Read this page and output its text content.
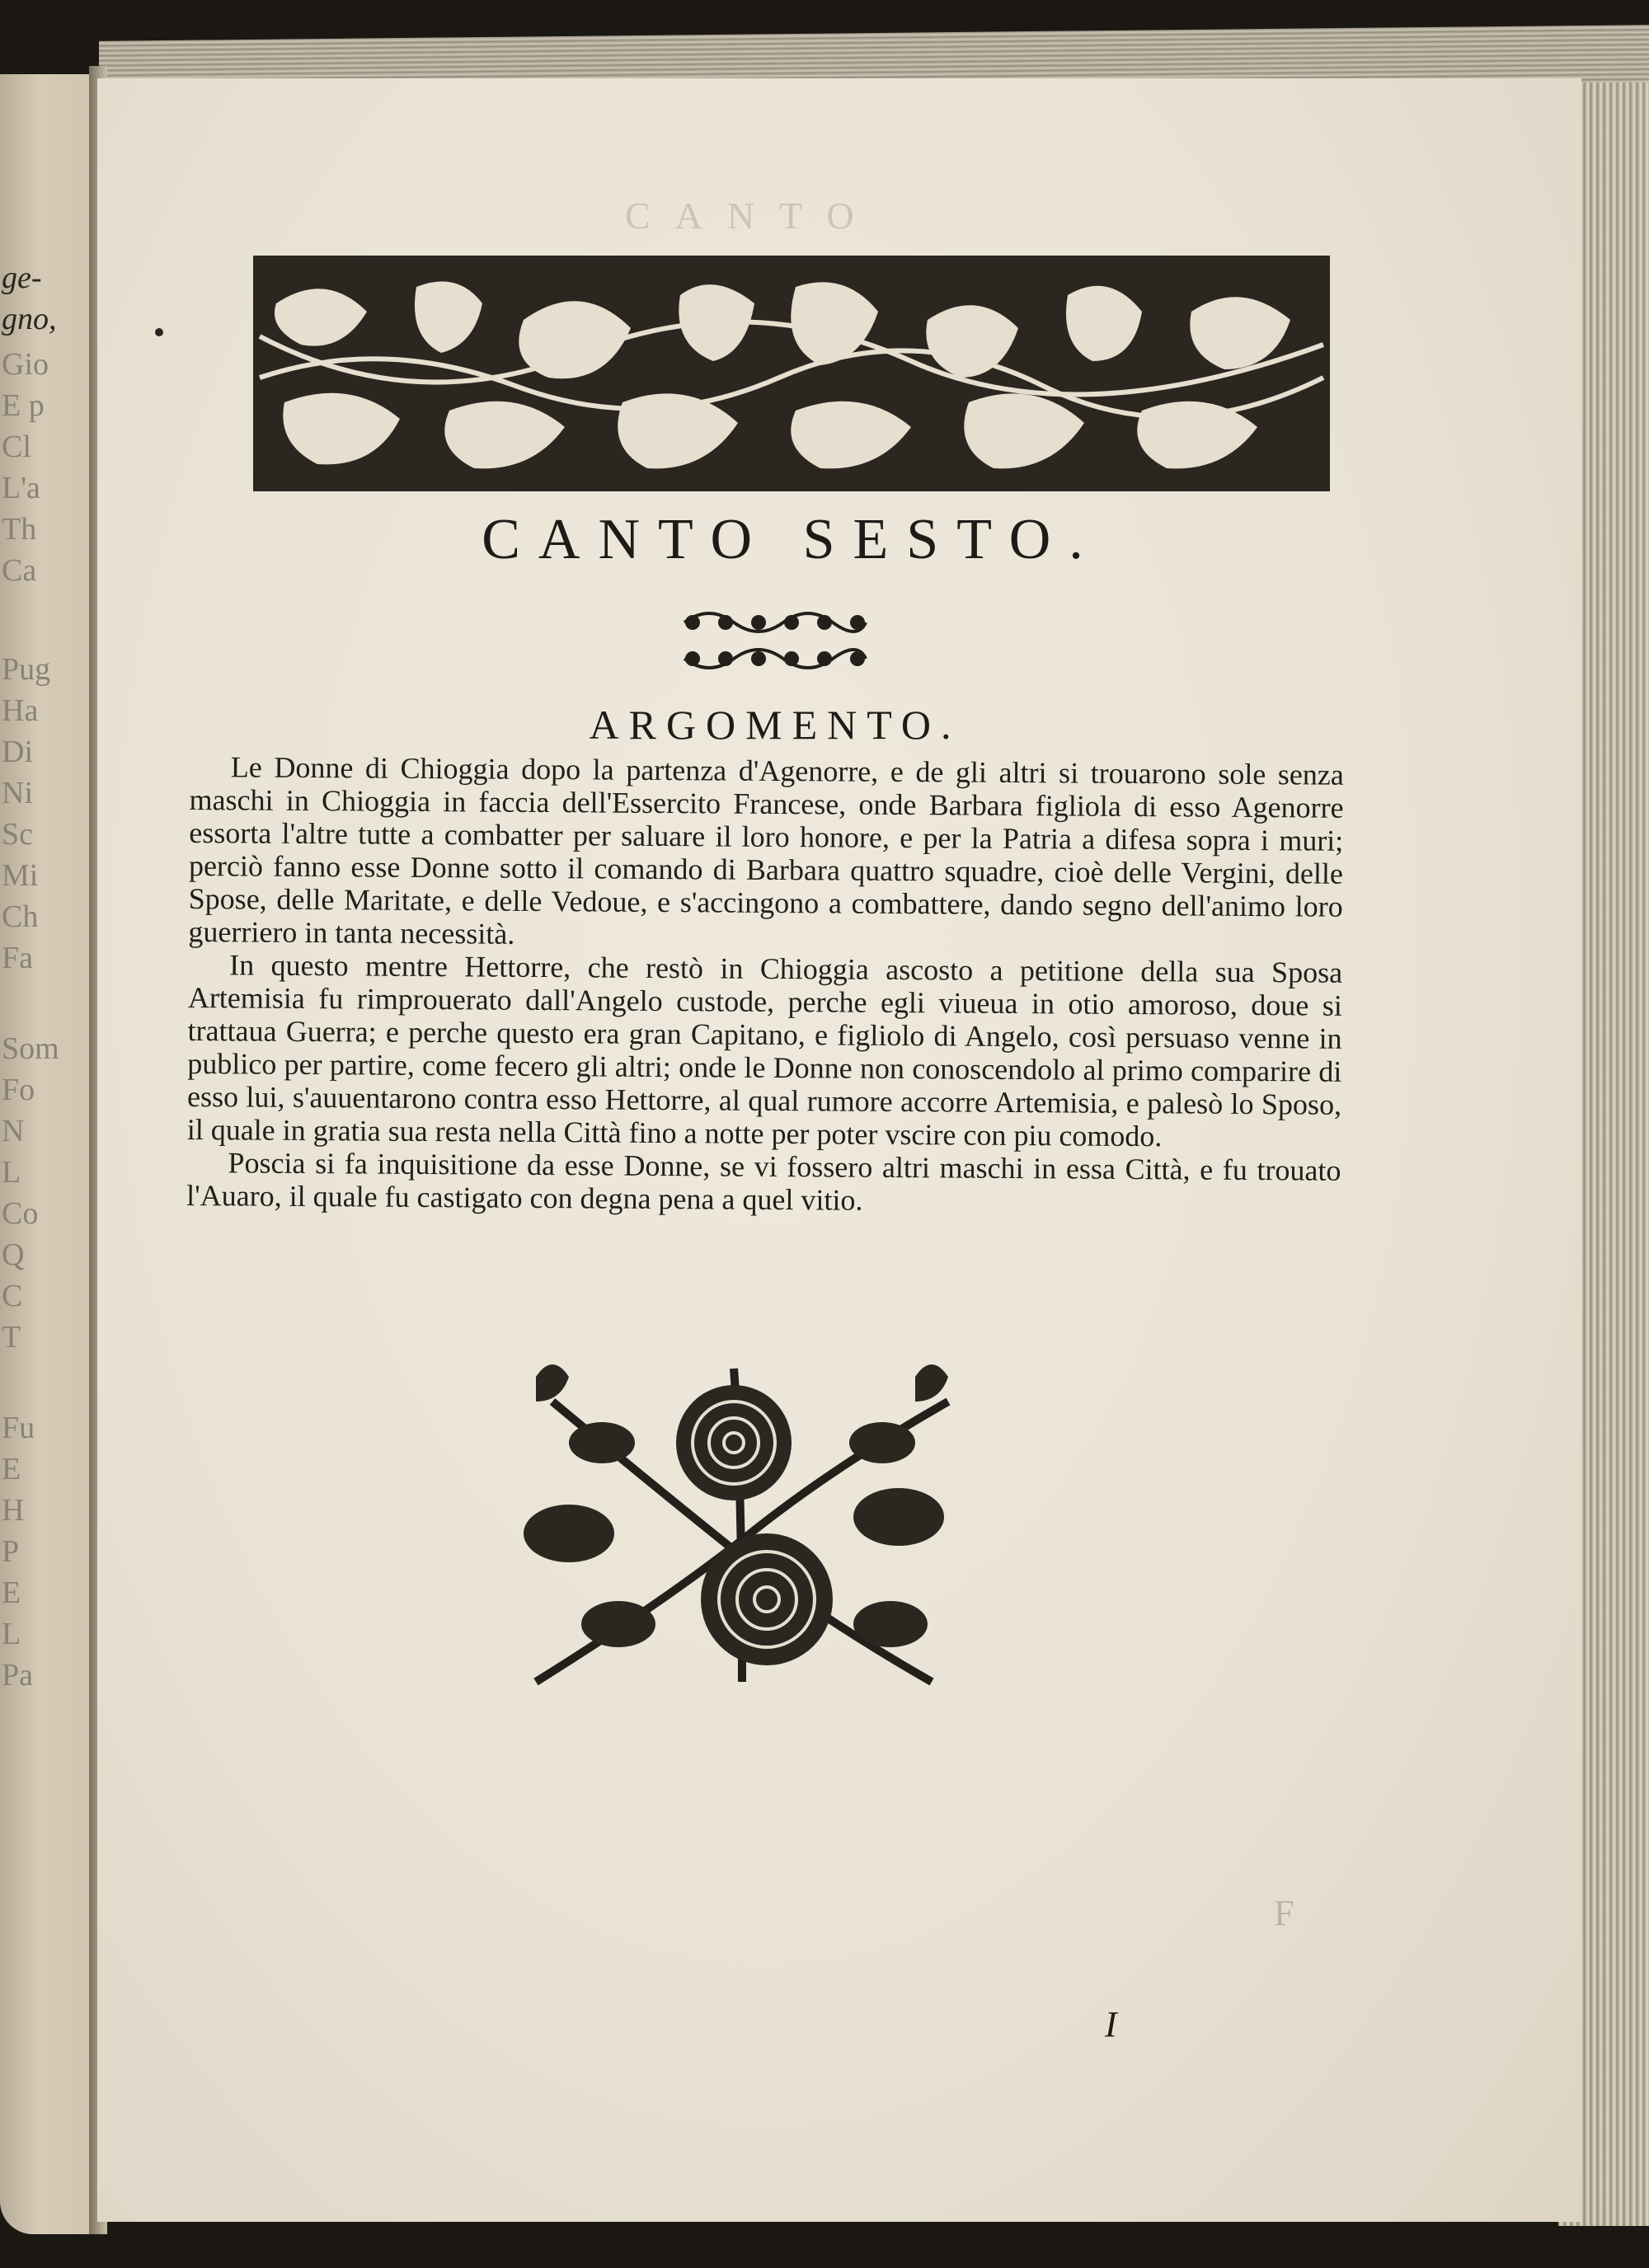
ge-
gno,
Gio
E p
Cl
L'a
Th
Ca
Pug
Ha
Di
Ni
Sc
Mi
Ch
Fa
Som
Fo
N
L
Co
Q
C
T
Fu
E
H
P
E
L
Pa
CANTO
CANTO SESTO.
ARGOMENTO.

Le Donne di Chioggia dopo la partenza d'Agenorre, e de gli altri si trouarono sole senza maschi in Chioggia in faccia dell'Essercito Francese, onde Barbara figliola di esso Agenorre essorta l'altre tutte a combatter per saluare il loro honore, e per la Patria a difesa sopra i muri; perciò fanno esse Donne sotto il comando di Barbara quattro squadre, cioè delle Vergini, delle Spose, delle Maritate, e delle Vedoue, e s'accingono a combattere, dando segno dell'animo loro guerriero in tanta necessità.

In questo mentre Hettorre, che restò in Chioggia ascosto a petitione della sua Sposa Artemisia fu rimprouerato dall'Angelo custode, perche egli viueua in otio amoroso, doue si trattaua Guerra; e perche questo era gran Capitano, e figliolo di Angelo, così persuaso venne in publico per partire, come fecero gli altri; onde le Donne non conoscendolo al primo comparire di esso lui, s'auuentarono contra esso Hettorre, al qual rumore accorre Artemisia, e palesò lo Sposo, il quale in gratia sua resta nella Città fino a notte per poter vscire con piu comodo.

Poscia si fa inquisitione da esse Donne, se vi fossero altri maschi in essa Città, e fu trouato l'Auaro, il quale fu castigato con degna pena a quel vitio.

F
I
